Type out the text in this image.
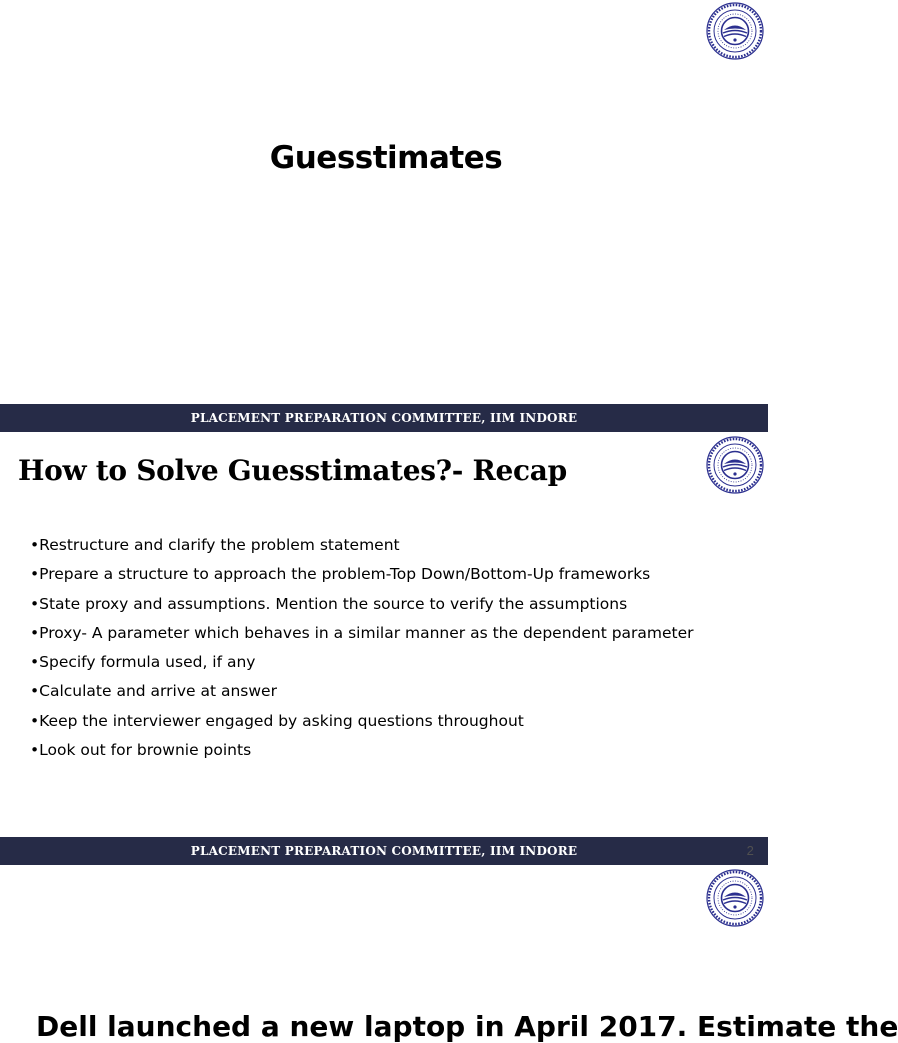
Guesstimates
PLACEMENT PREPARATION COMMITTEE, IIM INDORE
How to Solve Guesstimates?- Recap
•Restructure and clarify the problem statement
•Prepare a structure to approach the problem-Top Down/Bottom-Up frameworks
•State proxy and assumptions. Mention the source to verify the assumptions
•Proxy- A parameter which behaves in a similar manner as the dependent parameter
•Specify formula used, if any
•Calculate and arrive at answer
•Keep the interviewer engaged by asking questions throughout
•Look out for brownie points
PLACEMENT PREPARATION COMMITTEE, IIM INDORE	2
Dell launched a new laptop in April 2017. Estimate the
